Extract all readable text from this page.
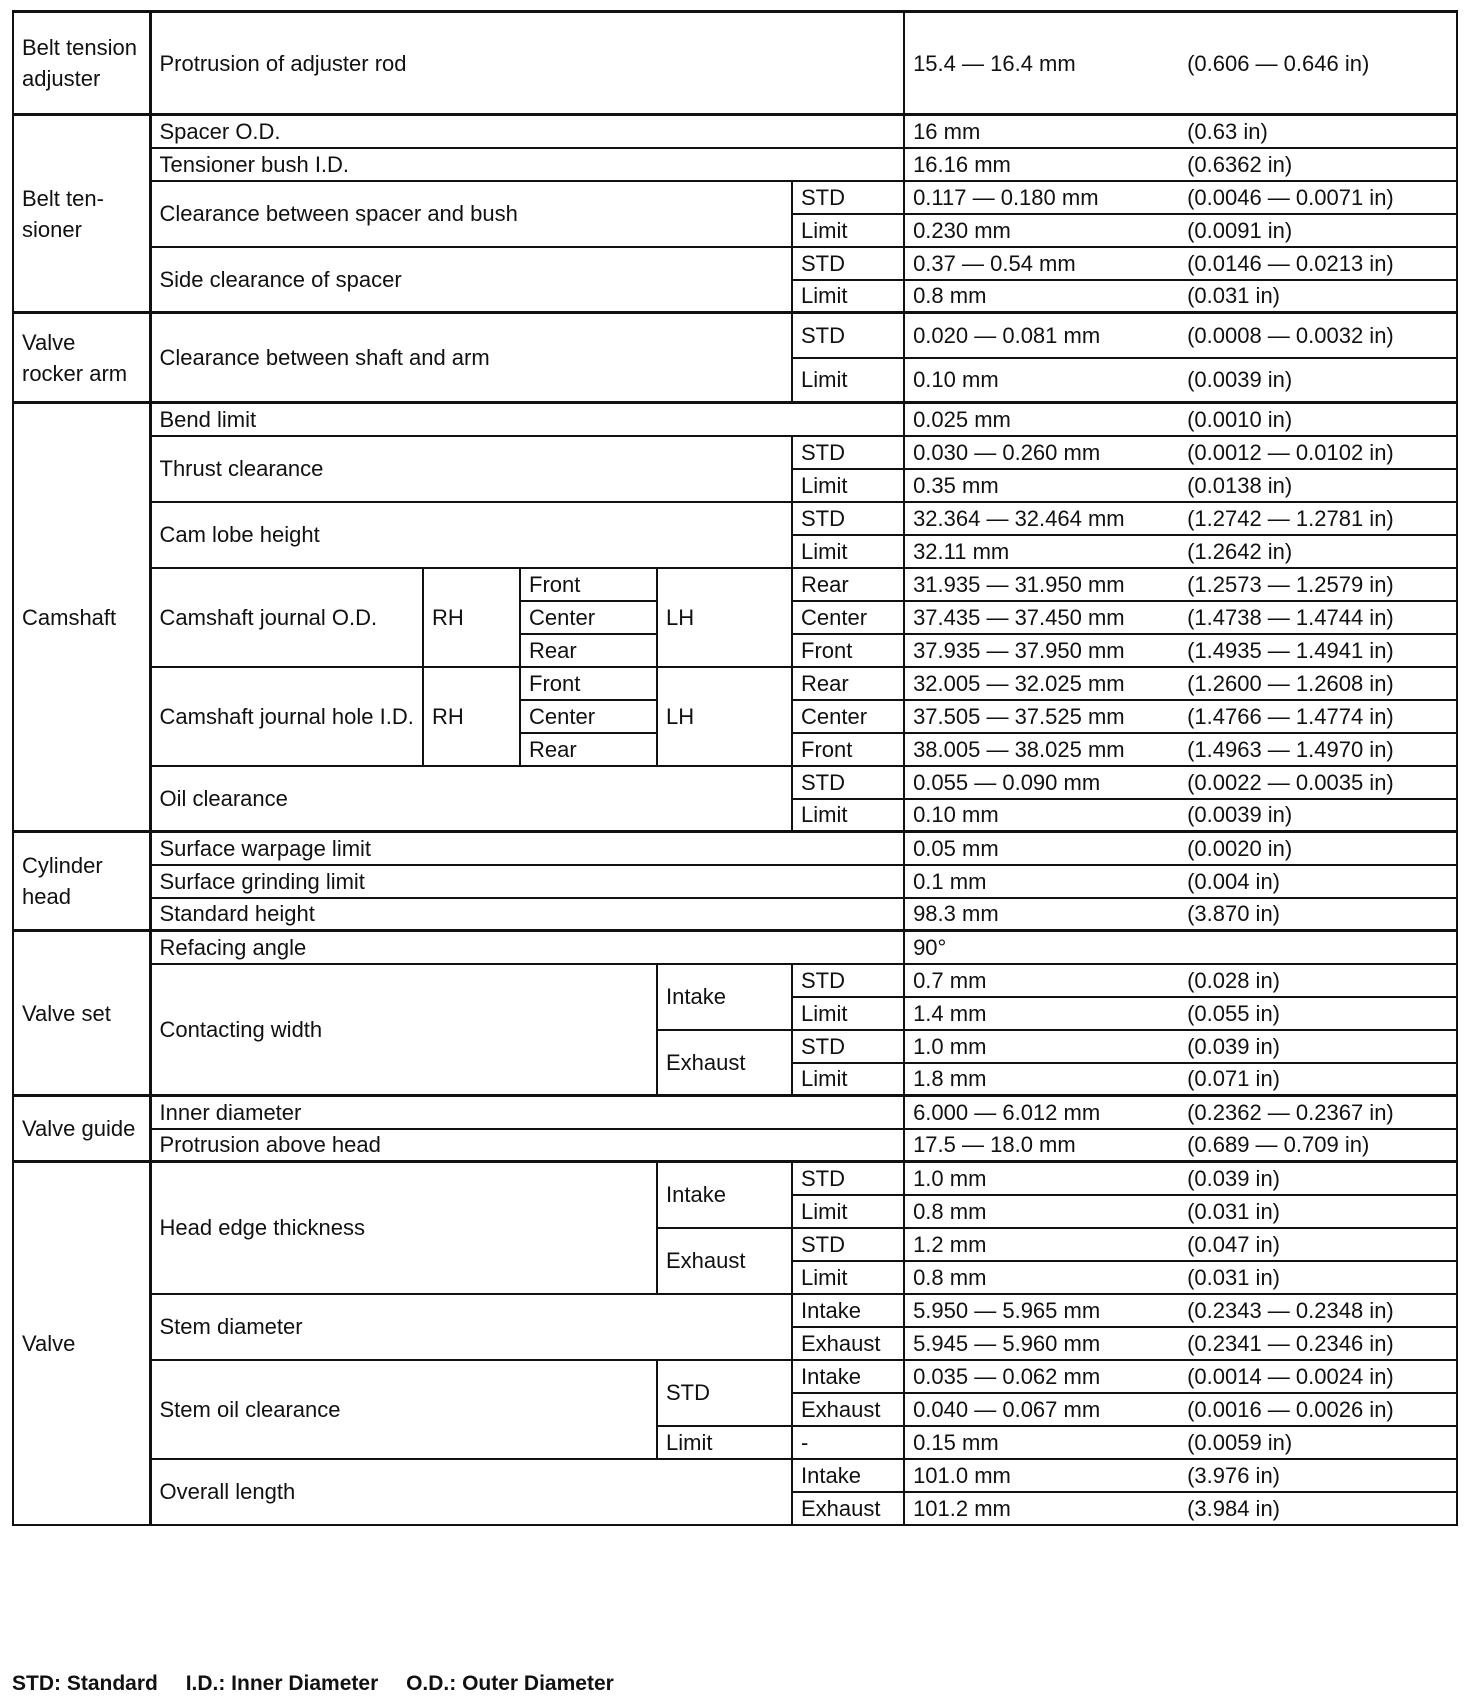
Belt tension adjuster	Protrusion of adjuster rod					15.4 — 16.4 mm	(0.606 — 0.646 in)
Belt ten- sioner	Spacer O.D.					16 mm	(0.63 in)
	Tensioner bush I.D.					16.16 mm	(0.6362 in)
	Clearance between spacer and bush				STD	0.117 — 0.180 mm	(0.0046 — 0.0071 in)
					Limit	0.230 mm	(0.0091 in)
	Side clearance of spacer				STD	0.37 — 0.54 mm	(0.0146 — 0.0213 in)
					Limit	0.8 mm	(0.031 in)
Valve rocker arm	Clearance between shaft and arm				STD	0.020 — 0.081 mm	(0.0008 — 0.0032 in)
					Limit	0.10 mm	(0.0039 in)
Camshaft	Bend limit					0.025 mm	(0.0010 in)
	Thrust clearance				STD	0.030 — 0.260 mm	(0.0012 — 0.0102 in)
					Limit	0.35 mm	(0.0138 in)
	Cam lobe height				STD	32.364 — 32.464 mm	(1.2742 — 1.2781 in)
					Limit	32.11 mm	(1.2642 in)
	Camshaft journal O.D.	RH	Front	LH	Rear	31.935 — 31.950 mm	(1.2573 — 1.2579 in)
			Center		Center	37.435 — 37.450 mm	(1.4738 — 1.4744 in)
			Rear		Front	37.935 — 37.950 mm	(1.4935 — 1.4941 in)
	Camshaft journal hole I.D.	RH	Front	LH	Rear	32.005 — 32.025 mm	(1.2600 — 1.2608 in)
			Center		Center	37.505 — 37.525 mm	(1.4766 — 1.4774 in)
			Rear		Front	38.005 — 38.025 mm	(1.4963 — 1.4970 in)
	Oil clearance				STD	0.055 — 0.090 mm	(0.0022 — 0.0035 in)
					Limit	0.10 mm	(0.0039 in)
Cylinder head	Surface warpage limit					0.05 mm	(0.0020 in)
	Surface grinding limit					0.1 mm	(0.004 in)
	Standard height					98.3 mm	(3.870 in)
Valve set	Refacing angle					90°	
	Contacting width			Intake	STD	0.7 mm	(0.028 in)
					Limit	1.4 mm	(0.055 in)
				Exhaust	STD	1.0 mm	(0.039 in)
					Limit	1.8 mm	(0.071 in)
Valve guide	Inner diameter					6.000 — 6.012 mm	(0.2362 — 0.2367 in)
	Protrusion above head					17.5 — 18.0 mm	(0.689 — 0.709 in)
Valve	Head edge thickness			Intake	STD	1.0 mm	(0.039 in)
					Limit	0.8 mm	(0.031 in)
				Exhaust	STD	1.2 mm	(0.047 in)
					Limit	0.8 mm	(0.031 in)
	Stem diameter				Intake	5.950 — 5.965 mm	(0.2343 — 0.2348 in)
					Exhaust	5.945 — 5.960 mm	(0.2341 — 0.2346 in)
	Stem oil clearance			STD	Intake	0.035 — 0.062 mm	(0.0014 — 0.0024 in)
					Exhaust	0.040 — 0.067 mm	(0.0016 — 0.0026 in)
				Limit	-	0.15 mm	(0.0059 in)
	Overall length				Intake	101.0 mm	(3.976 in)
					Exhaust	101.2 mm	(3.984 in)
STD: Standard I.D.: Inner Diameter O.D.: Outer Diameter
